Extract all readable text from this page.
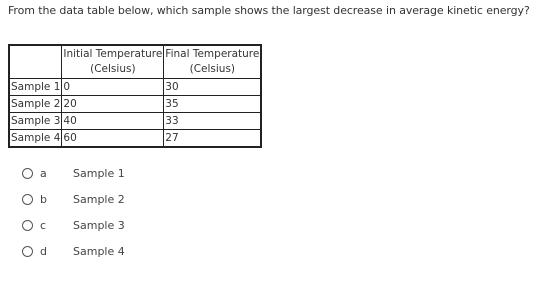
From the data table below, which sample shows the largest decrease in average kinetic energy?
	Initial Temperature
(Celsius)	Final Temperature
(Celsius)
Sample 1	0	30
Sample 2	20	35
Sample 3	40	33
Sample 4	60	27
a Sample 1
b Sample 2
c Sample 3
d Sample 4
